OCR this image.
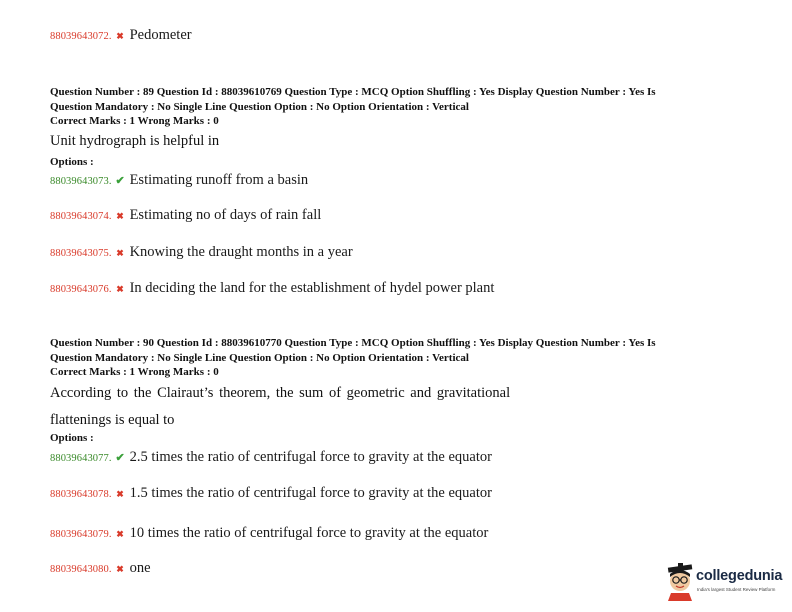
88039643072. ✖ Pedometer
Question Number : 89 Question Id : 88039610769 Question Type : MCQ Option Shuffling : Yes Display Question Number : Yes Is
Question Mandatory : No Single Line Question Option : No Option Orientation : Vertical
Correct Marks : 1 Wrong Marks : 0
Unit hydrograph is helpful in
Options :
88039643073. ✔ Estimating runoff from a basin
88039643074. ✖ Estimating no of days of rain fall
88039643075. ✖ Knowing the draught months in a year
88039643076. ✖ In deciding the land for the establishment of hydel power plant
Question Number : 90 Question Id : 88039610770 Question Type : MCQ Option Shuffling : Yes Display Question Number : Yes Is
Question Mandatory : No Single Line Question Option : No Option Orientation : Vertical
Correct Marks : 1 Wrong Marks : 0
According to the Clairaut’s theorem, the sum of geometric and gravitational
flattenings is equal to
Options :
88039643077. ✔ 2.5 times the ratio of centrifugal force to gravity at the equator
88039643078. ✖ 1.5 times the ratio of centrifugal force to gravity at the equator
88039643079. ✖ 10 times the ratio of centrifugal force to gravity at the equator
88039643080. ✖ one	collegedunia
India's largest Student Review Platform
